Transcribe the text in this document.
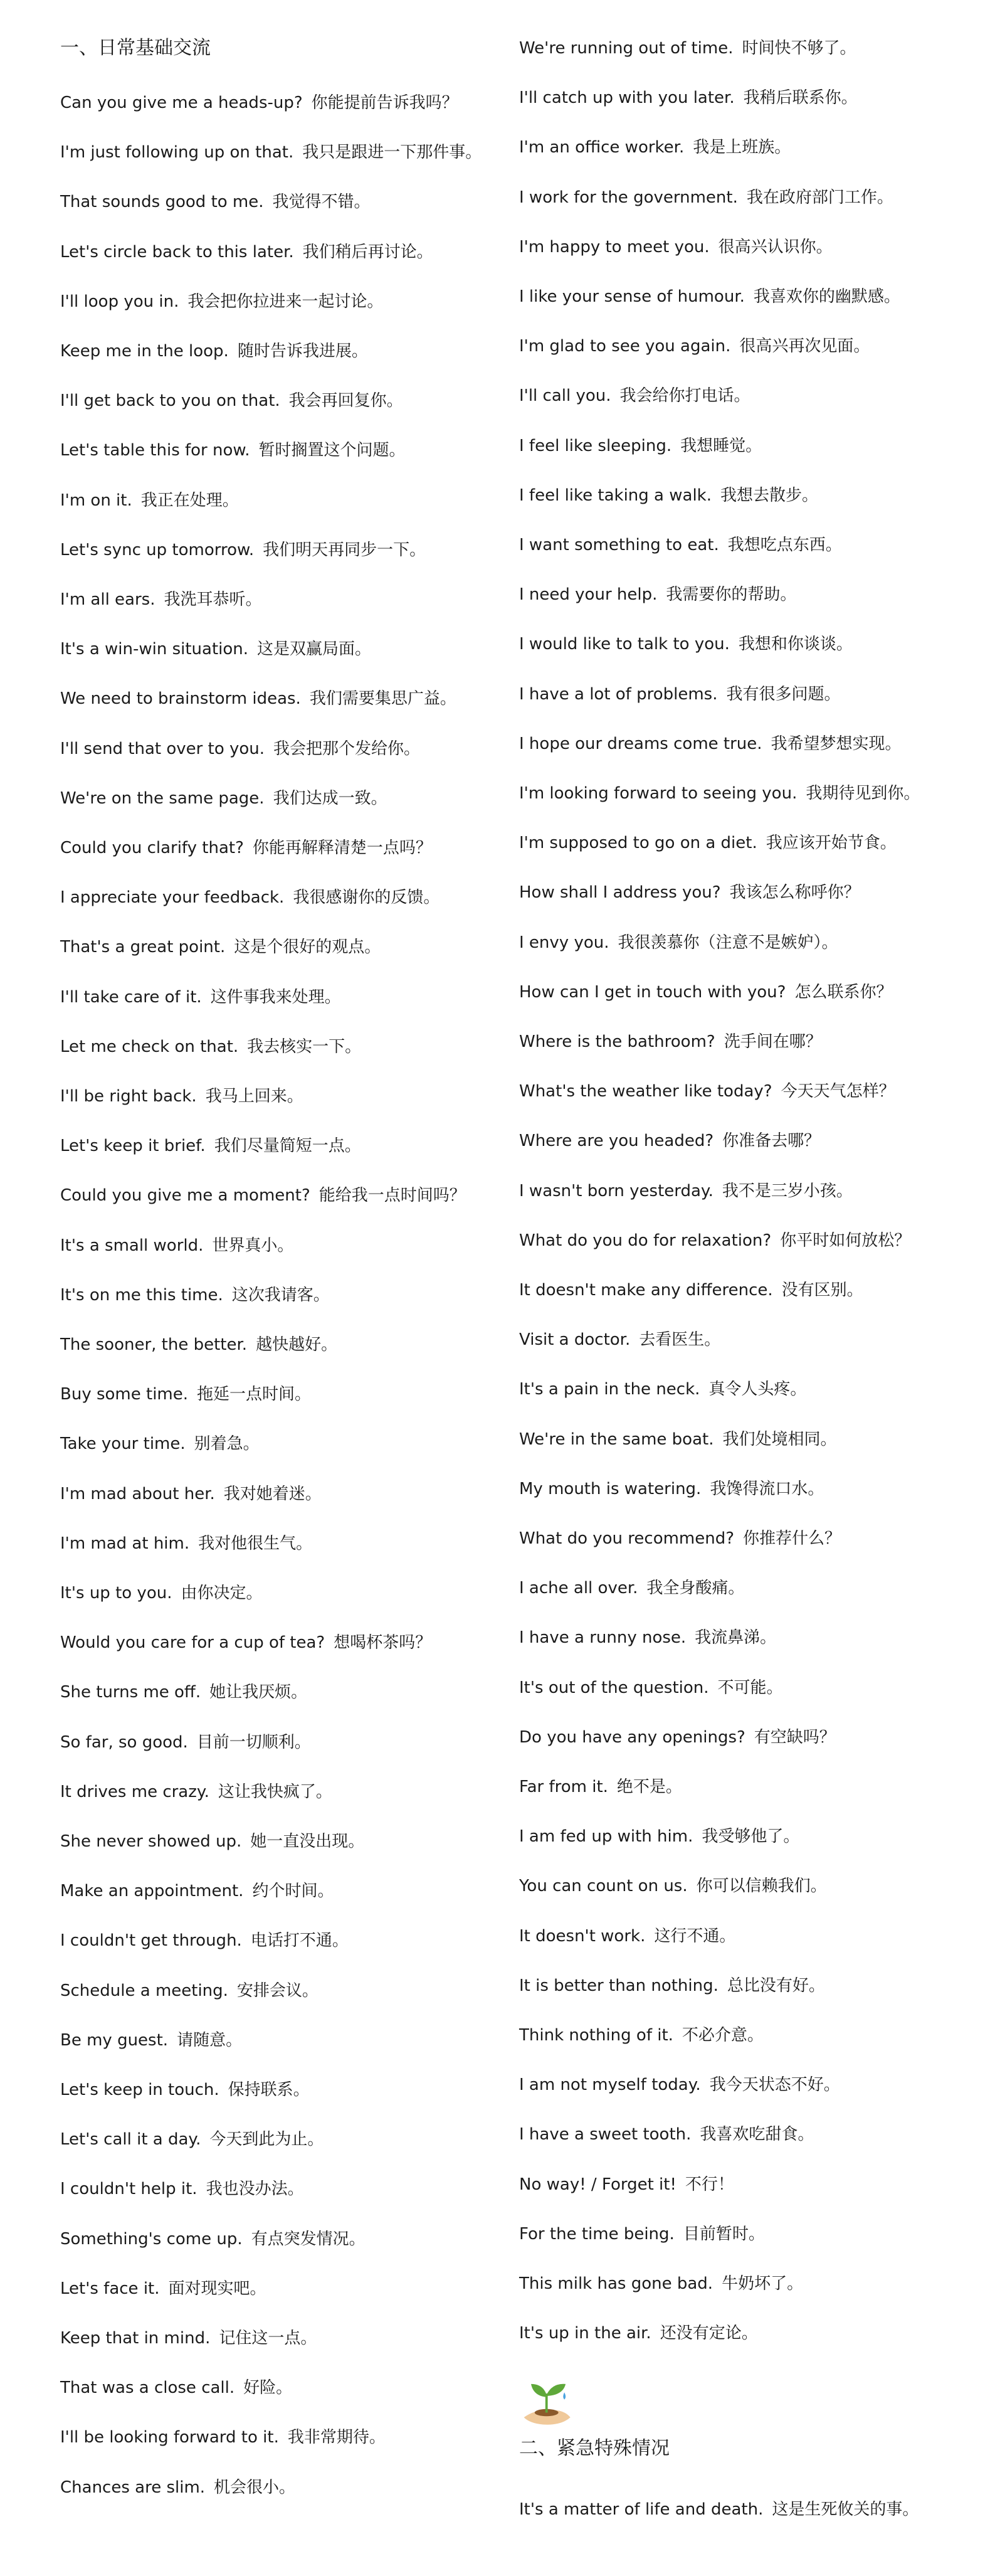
一、日常基础交流
Can you give me a heads-up? 你能提前告诉我吗？
I'm just following up on that. 我只是跟进一下那件事。
That sounds good to me. 我觉得不错。
Let's circle back to this later. 我们稍后再讨论。
I'll loop you in. 我会把你拉进来一起讨论。
Keep me in the loop. 随时告诉我进展。
I'll get back to you on that. 我会再回复你。
Let's table this for now. 暂时搁置这个问题。
I'm on it. 我正在处理。
Let's sync up tomorrow. 我们明天再同步一下。
I'm all ears. 我洗耳恭听。
It's a win-win situation. 这是双赢局面。
We need to brainstorm ideas. 我们需要集思广益。
I'll send that over to you. 我会把那个发给你。
We're on the same page. 我们达成一致。
Could you clarify that? 你能再解释清楚一点吗？
I appreciate your feedback. 我很感谢你的反馈。
That's a great point. 这是个很好的观点。
I'll take care of it. 这件事我来处理。
Let me check on that. 我去核实一下。
I'll be right back. 我马上回来。
Let's keep it brief. 我们尽量简短一点。
Could you give me a moment? 能给我一点时间吗？
It's a small world. 世界真小。
It's on me this time. 这次我请客。
The sooner, the better. 越快越好。
Buy some time. 拖延一点时间。
Take your time. 别着急。
I'm mad about her. 我对她着迷。
I'm mad at him. 我对他很生气。
It's up to you. 由你决定。
Would you care for a cup of tea? 想喝杯茶吗？
She turns me off. 她让我厌烦。
So far, so good. 目前一切顺利。
It drives me crazy. 这让我快疯了。
She never showed up. 她一直没出现。
Make an appointment. 约个时间。
I couldn't get through. 电话打不通。
Schedule a meeting. 安排会议。
Be my guest. 请随意。
Let's keep in touch. 保持联系。
Let's call it a day. 今天到此为止。
I couldn't help it. 我也没办法。
Something's come up. 有点突发情况。
Let's face it. 面对现实吧。
Keep that in mind. 记住这一点。
That was a close call. 好险。
I'll be looking forward to it. 我非常期待。
Chances are slim. 机会很小。
We're running out of time. 时间快不够了。
I'll catch up with you later. 我稍后联系你。
I'm an office worker. 我是上班族。
I work for the government. 我在政府部门工作。
I'm happy to meet you. 很高兴认识你。
I like your sense of humour. 我喜欢你的幽默感。
I'm glad to see you again. 很高兴再次见面。
I'll call you. 我会给你打电话。
I feel like sleeping. 我想睡觉。
I feel like taking a walk. 我想去散步。
I want something to eat. 我想吃点东西。
I need your help. 我需要你的帮助。
I would like to talk to you. 我想和你谈谈。
I have a lot of problems. 我有很多问题。
I hope our dreams come true. 我希望梦想实现。
I'm looking forward to seeing you. 我期待见到你。
I'm supposed to go on a diet. 我应该开始节食。
How shall I address you? 我该怎么称呼你？
I envy you. 我很羡慕你（注意不是嫉妒）。
How can I get in touch with you? 怎么联系你？
Where is the bathroom? 洗手间在哪？
What's the weather like today? 今天天气怎样？
Where are you headed? 你准备去哪？
I wasn't born yesterday. 我不是三岁小孩。
What do you do for relaxation? 你平时如何放松？
It doesn't make any difference. 没有区别。
Visit a doctor. 去看医生。
It's a pain in the neck. 真令人头疼。
We're in the same boat. 我们处境相同。
My mouth is watering. 我馋得流口水。
What do you recommend? 你推荐什么？
I ache all over. 我全身酸痛。
I have a runny nose. 我流鼻涕。
It's out of the question. 不可能。
Do you have any openings? 有空缺吗？
Far from it. 绝不是。
I am fed up with him. 我受够他了。
You can count on us. 你可以信赖我们。
It doesn't work. 这行不通。
It is better than nothing. 总比没有好。
Think nothing of it. 不必介意。
I am not myself today. 我今天状态不好。
I have a sweet tooth. 我喜欢吃甜食。
No way! / Forget it! 不行！
For the time being. 目前暂时。
This milk has gone bad. 牛奶坏了。
It's up in the air. 还没有定论。
二、紧急特殊情况
It's a matter of life and death. 这是生死攸关的事。
